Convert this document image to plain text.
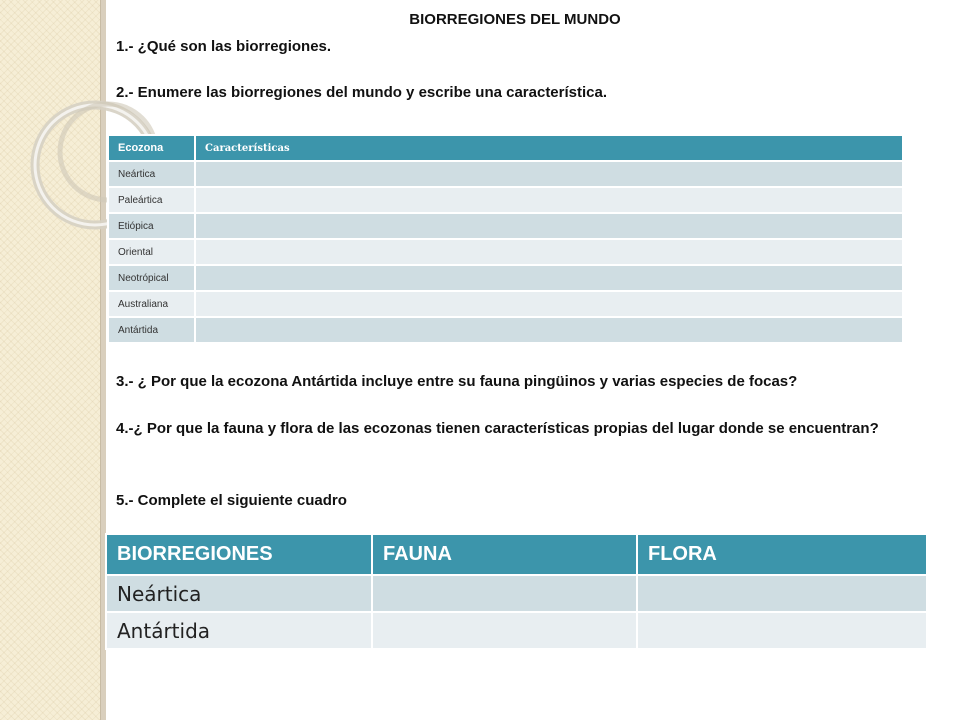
BIORREGIONES DEL MUNDO
1.- ¿Qué son las biorregiones.
2.- Enumere las biorregiones del mundo y escribe una característica.
Ecozona	Características
Neártica	
Paleártica	
Etiópica	
Oriental	
Neotrópical	
Australiana	
Antártida	
3.- ¿ Por que la ecozona Antártida incluye entre su fauna pingüinos y varias especies de focas?
4.-¿ Por que la fauna y flora de las ecozonas tienen características propias del lugar donde se encuentran?
5.- Complete el siguiente cuadro
BIORREGIONES	FAUNA	FLORA
Neártica		
Antártida		
